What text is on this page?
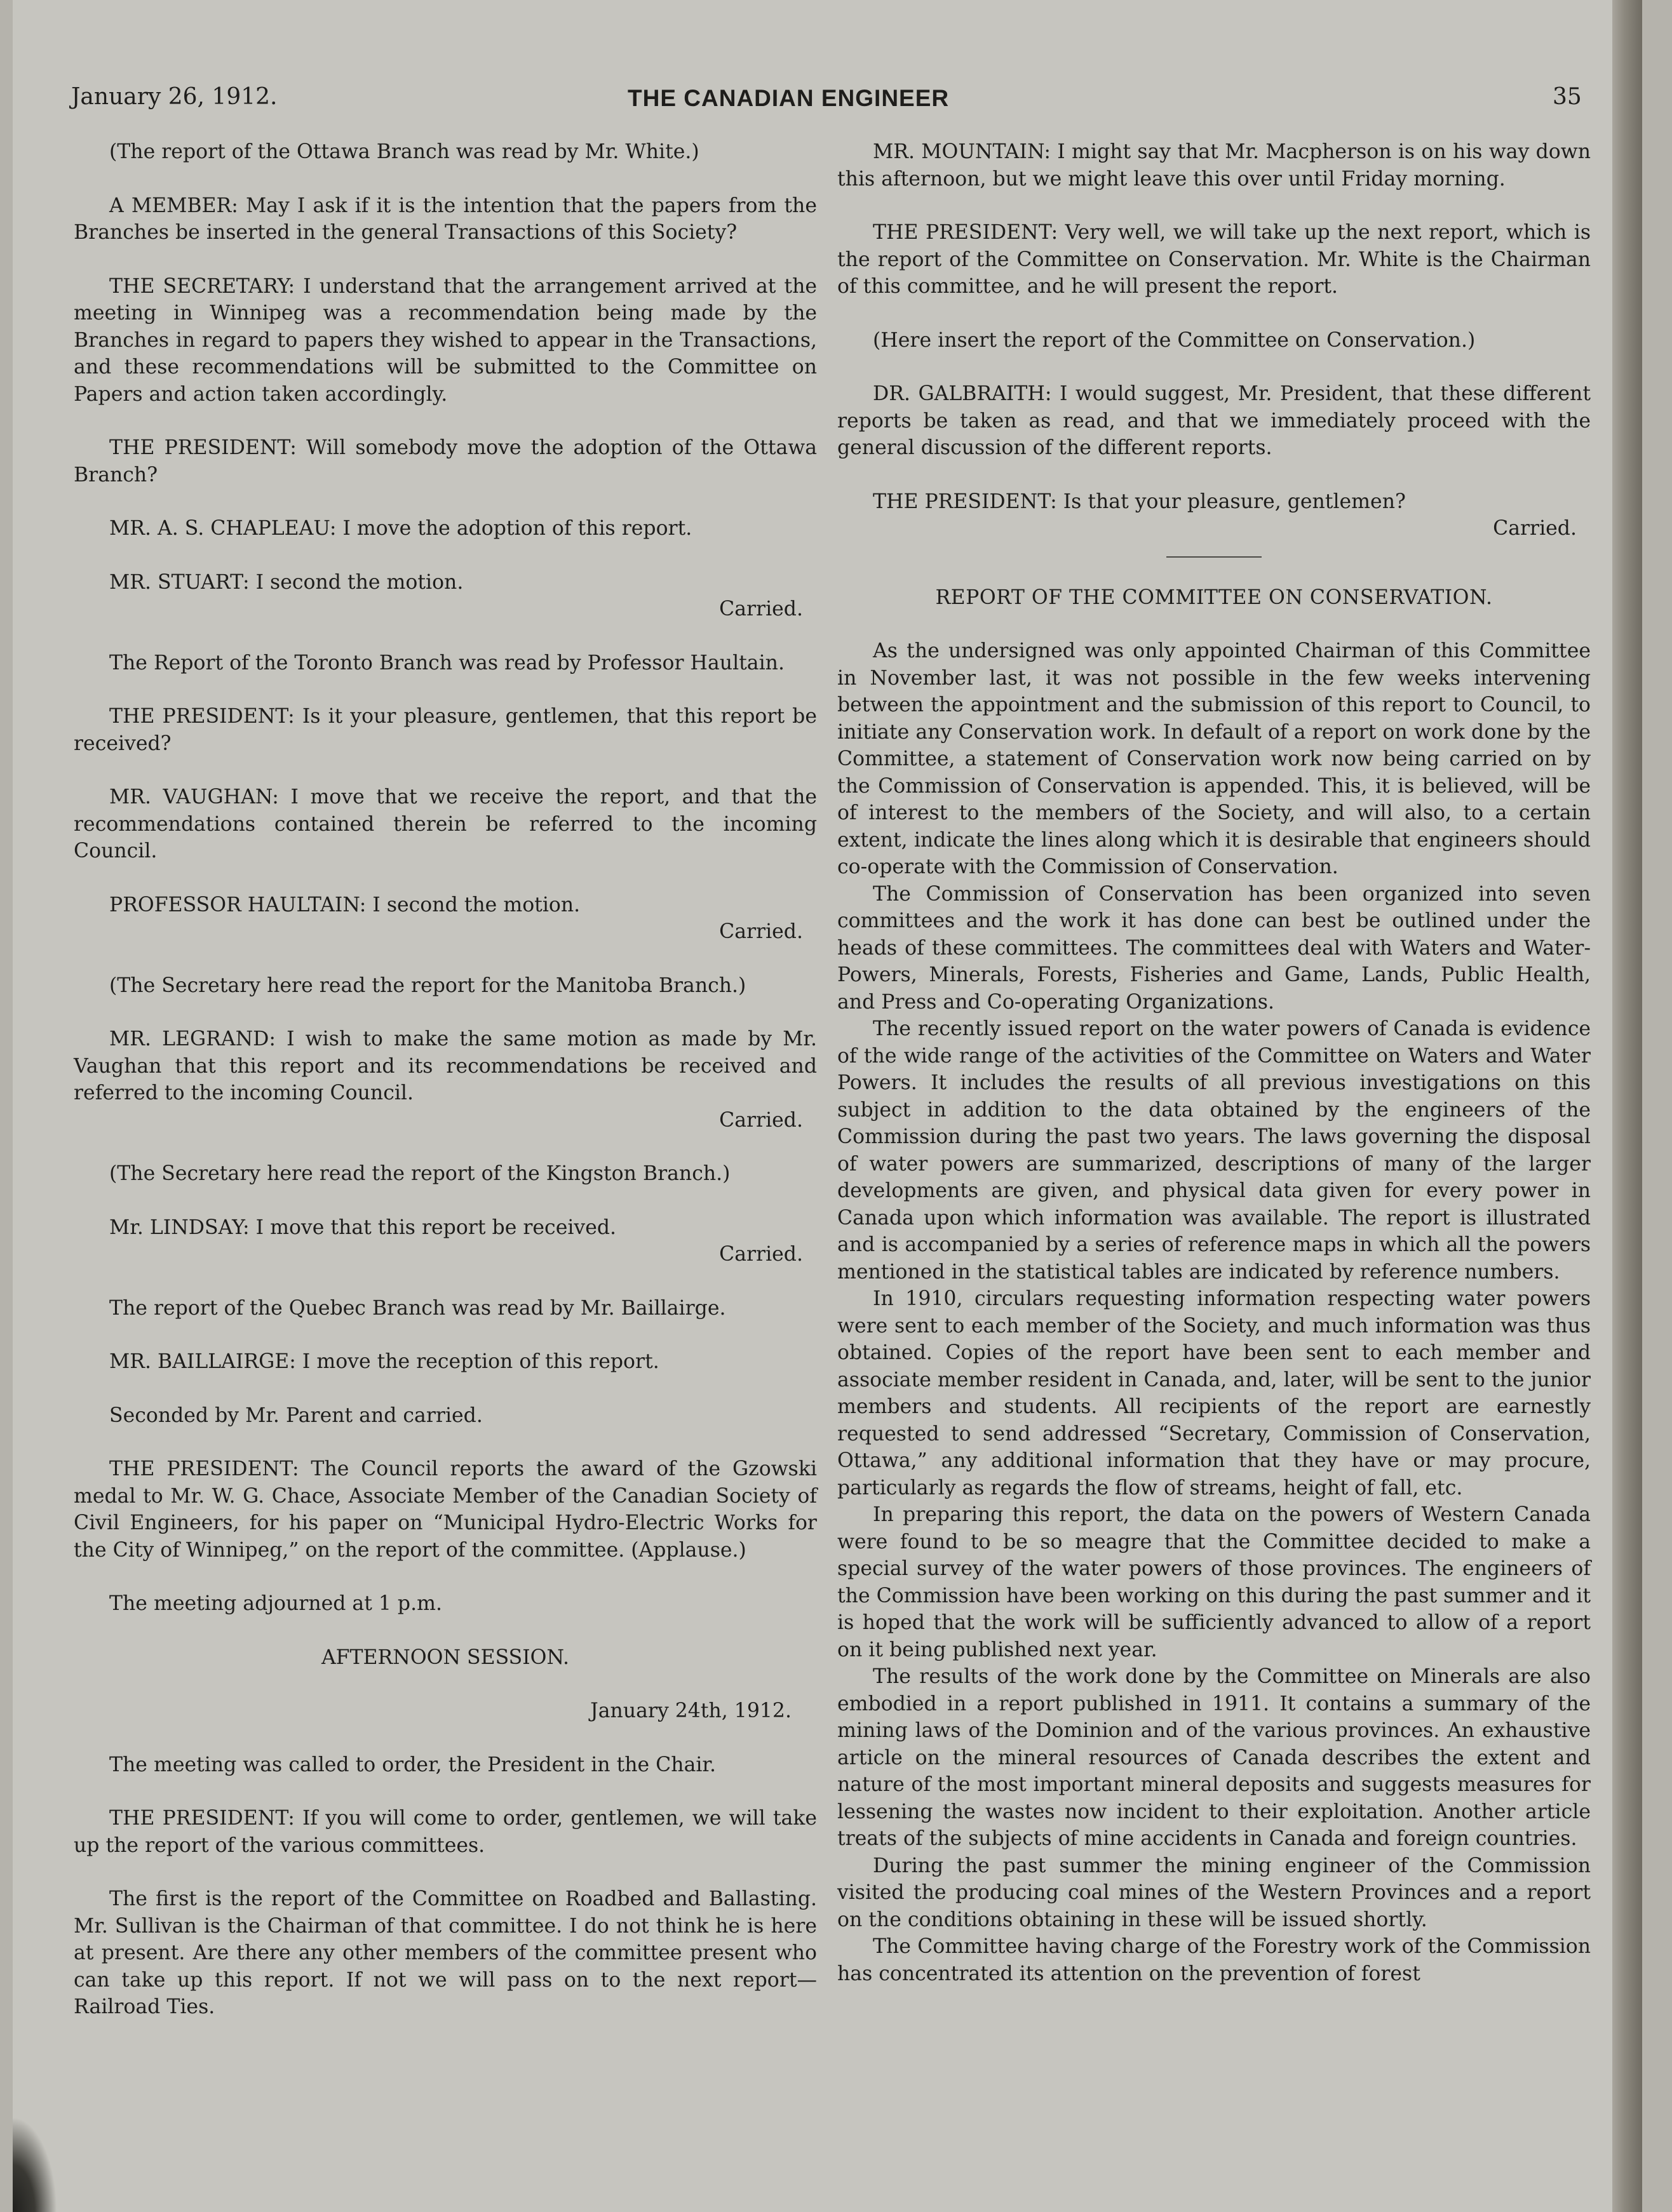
January 26, 1912.	THE CANADIAN ENGINEER	35

(The report of the Ottawa Branch was read by Mr. White.)

A MEMBER: May I ask if it is the intention that the papers from the Branches be inserted in the general Transactions of this Society?

THE SECRETARY: I understand that the arrangement arrived at the meeting in Winnipeg was a recommendation being made by the Branches in regard to papers they wished to appear in the Transactions, and these recommendations will be submitted to the Committee on Papers and action taken accordingly.

THE PRESIDENT: Will somebody move the adoption of the Ottawa Branch?

MR. A. S. CHAPLEAU: I move the adoption of this report.

MR. STUART: I second the motion.

Carried.

The Report of the Toronto Branch was read by Professor Haultain.

THE PRESIDENT: Is it your pleasure, gentlemen, that this report be received?

MR. VAUGHAN: I move that we receive the report, and that the recommendations contained therein be referred to the incoming Council.

PROFESSOR HAULTAIN: I second the motion.

Carried.

(The Secretary here read the report for the Manitoba Branch.)

MR. LEGRAND: I wish to make the same motion as made by Mr. Vaughan that this report and its recommendations be received and referred to the incoming Council.

Carried.

(The Secretary here read the report of the Kingston Branch.)

Mr. LINDSAY: I move that this report be received.

Carried.

The report of the Quebec Branch was read by Mr. Baillairge.

MR. BAILLAIRGE: I move the reception of this report.

Seconded by Mr. Parent and carried.

THE PRESIDENT: The Council reports the award of the Gzowski medal to Mr. W. G. Chace, Associate Member of the Canadian Society of Civil Engineers, for his paper on “Municipal Hydro-Electric Works for the City of Winnipeg,” on the report of the committee. (Applause.)

The meeting adjourned at 1 p.m.

AFTERNOON SESSION.

January 24th, 1912.

The meeting was called to order, the President in the Chair.

THE PRESIDENT: If you will come to order, gentlemen, we will take up the report of the various committees.

The first is the report of the Committee on Roadbed and Ballasting. Mr. Sullivan is the Chairman of that committee. I do not think he is here at present. Are there any other members of the committee present who can take up this report. If not we will pass on to the next report—Railroad Ties.

MR. MOUNTAIN: I might say that Mr. Macpherson is on his way down this afternoon, but we might leave this over until Friday morning.

THE PRESIDENT: Very well, we will take up the next report, which is the report of the Committee on Conservation. Mr. White is the Chairman of this committee, and he will present the report.

(Here insert the report of the Committee on Conservation.)

DR. GALBRAITH: I would suggest, Mr. President, that these different reports be taken as read, and that we immediately proceed with the general discussion of the different reports.

THE PRESIDENT: Is that your pleasure, gentlemen?

Carried.

REPORT OF THE COMMITTEE ON CONSERVATION.

As the undersigned was only appointed Chairman of this Committee in November last, it was not possible in the few weeks intervening between the appointment and the submission of this report to Council, to initiate any Conservation work. In default of a report on work done by the Committee, a statement of Conservation work now being carried on by the Commission of Conservation is appended. This, it is believed, will be of interest to the members of the Society, and will also, to a certain extent, indicate the lines along which it is desirable that engineers should co-operate with the Commission of Conservation.

The Commission of Conservation has been organized into seven committees and the work it has done can best be outlined under the heads of these committees. The committees deal with Waters and Water-Powers, Minerals, Forests, Fisheries and Game, Lands, Public Health, and Press and Co-operating Organizations.

The recently issued report on the water powers of Canada is evidence of the wide range of the activities of the Committee on Waters and Water Powers. It includes the results of all previous investigations on this subject in addition to the data obtained by the engineers of the Commission during the past two years. The laws governing the disposal of water powers are summarized, descriptions of many of the larger developments are given, and physical data given for every power in Canada upon which information was available. The report is illustrated and is accompanied by a series of reference maps in which all the powers mentioned in the statistical tables are indicated by reference numbers.

In 1910, circulars requesting information respecting water powers were sent to each member of the Society, and much information was thus obtained. Copies of the report have been sent to each member and associate member resident in Canada, and, later, will be sent to the junior members and students. All recipients of the report are earnestly requested to send addressed “Secretary, Commission of Conservation, Ottawa,” any additional information that they have or may procure, particularly as regards the flow of streams, height of fall, etc.

In preparing this report, the data on the powers of Western Canada were found to be so meagre that the Committee decided to make a special survey of the water powers of those provinces. The engineers of the Commission have been working on this during the past summer and it is hoped that the work will be sufficiently advanced to allow of a report on it being published next year.

The results of the work done by the Committee on Minerals are also embodied in a report published in 1911. It contains a summary of the mining laws of the Dominion and of the various provinces. An exhaustive article on the mineral resources of Canada describes the extent and nature of the most important mineral deposits and suggests measures for lessening the wastes now incident to their exploitation. Another article treats of the subjects of mine accidents in Canada and foreign countries.

During the past summer the mining engineer of the Commission visited the producing coal mines of the Western Provinces and a report on the conditions obtaining in these will be issued shortly.

The Committee having charge of the Forestry work of the Commission has concentrated its attention on the prevention of forest
